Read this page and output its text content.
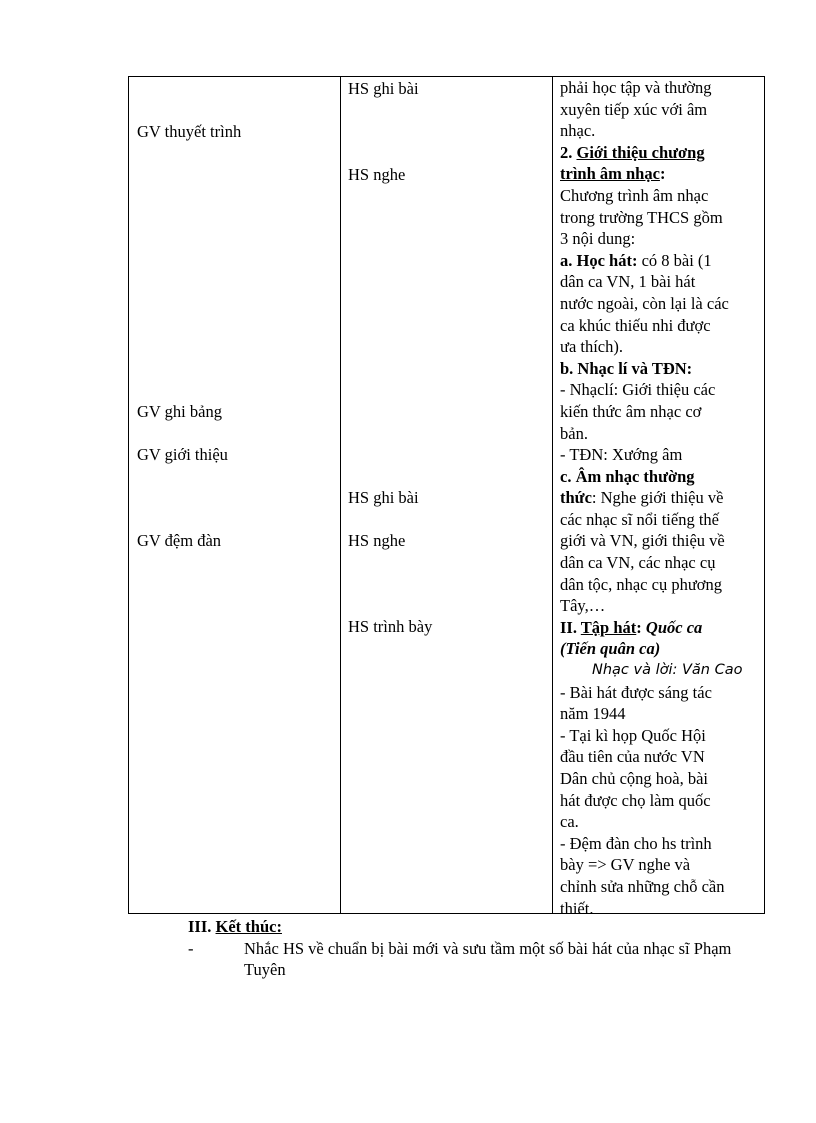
GV thuyết trình
GV ghi bảng
GV giới thiệu
GV đệm đàn
HS ghi bài
HS nghe
HS ghi bài
HS nghe
HS trình bày
phải học tập và thường
xuyên tiếp xúc với âm
nhạc.
2. Giới thiệu chương
trình âm nhạc:
Chương trình âm nhạc
trong trường THCS gồm
3 nội dung:
a. Học hát: có 8 bài (1
dân ca VN, 1 bài hát
nước ngoài, còn lại là các
ca khúc thiếu nhi được
ưa thích).
b. Nhạc lí và TĐN:
- Nhạclí: Giới thiệu các
kiến thức âm nhạc cơ
bản.
- TĐN: Xướng âm
c. Âm nhạc thường
thức: Nghe giới thiệu về
các nhạc sĩ nổi tiếng thế
giới và VN, giới thiệu về
dân ca VN, các nhạc cụ
dân tộc, nhạc cụ phương
Tây,…
II. Tập hát: Quốc ca
(Tiến quân ca)
Nhạc và lời: Văn Cao
- Bài hát được sáng tác
năm 1944
- Tại kì họp Quốc Hội
đầu tiên của nước VN
Dân chủ cộng hoà, bài
hát được chọ làm quốc
ca.
- Đệm đàn cho hs trình
bày => GV nghe và
chỉnh sửa những chỗ cần
thiết.
III. Kết thúc:
-	Nhắc HS về chuẩn bị bài mới và sưu tầm một số bài hát của nhạc sĩ Phạm Tuyên
